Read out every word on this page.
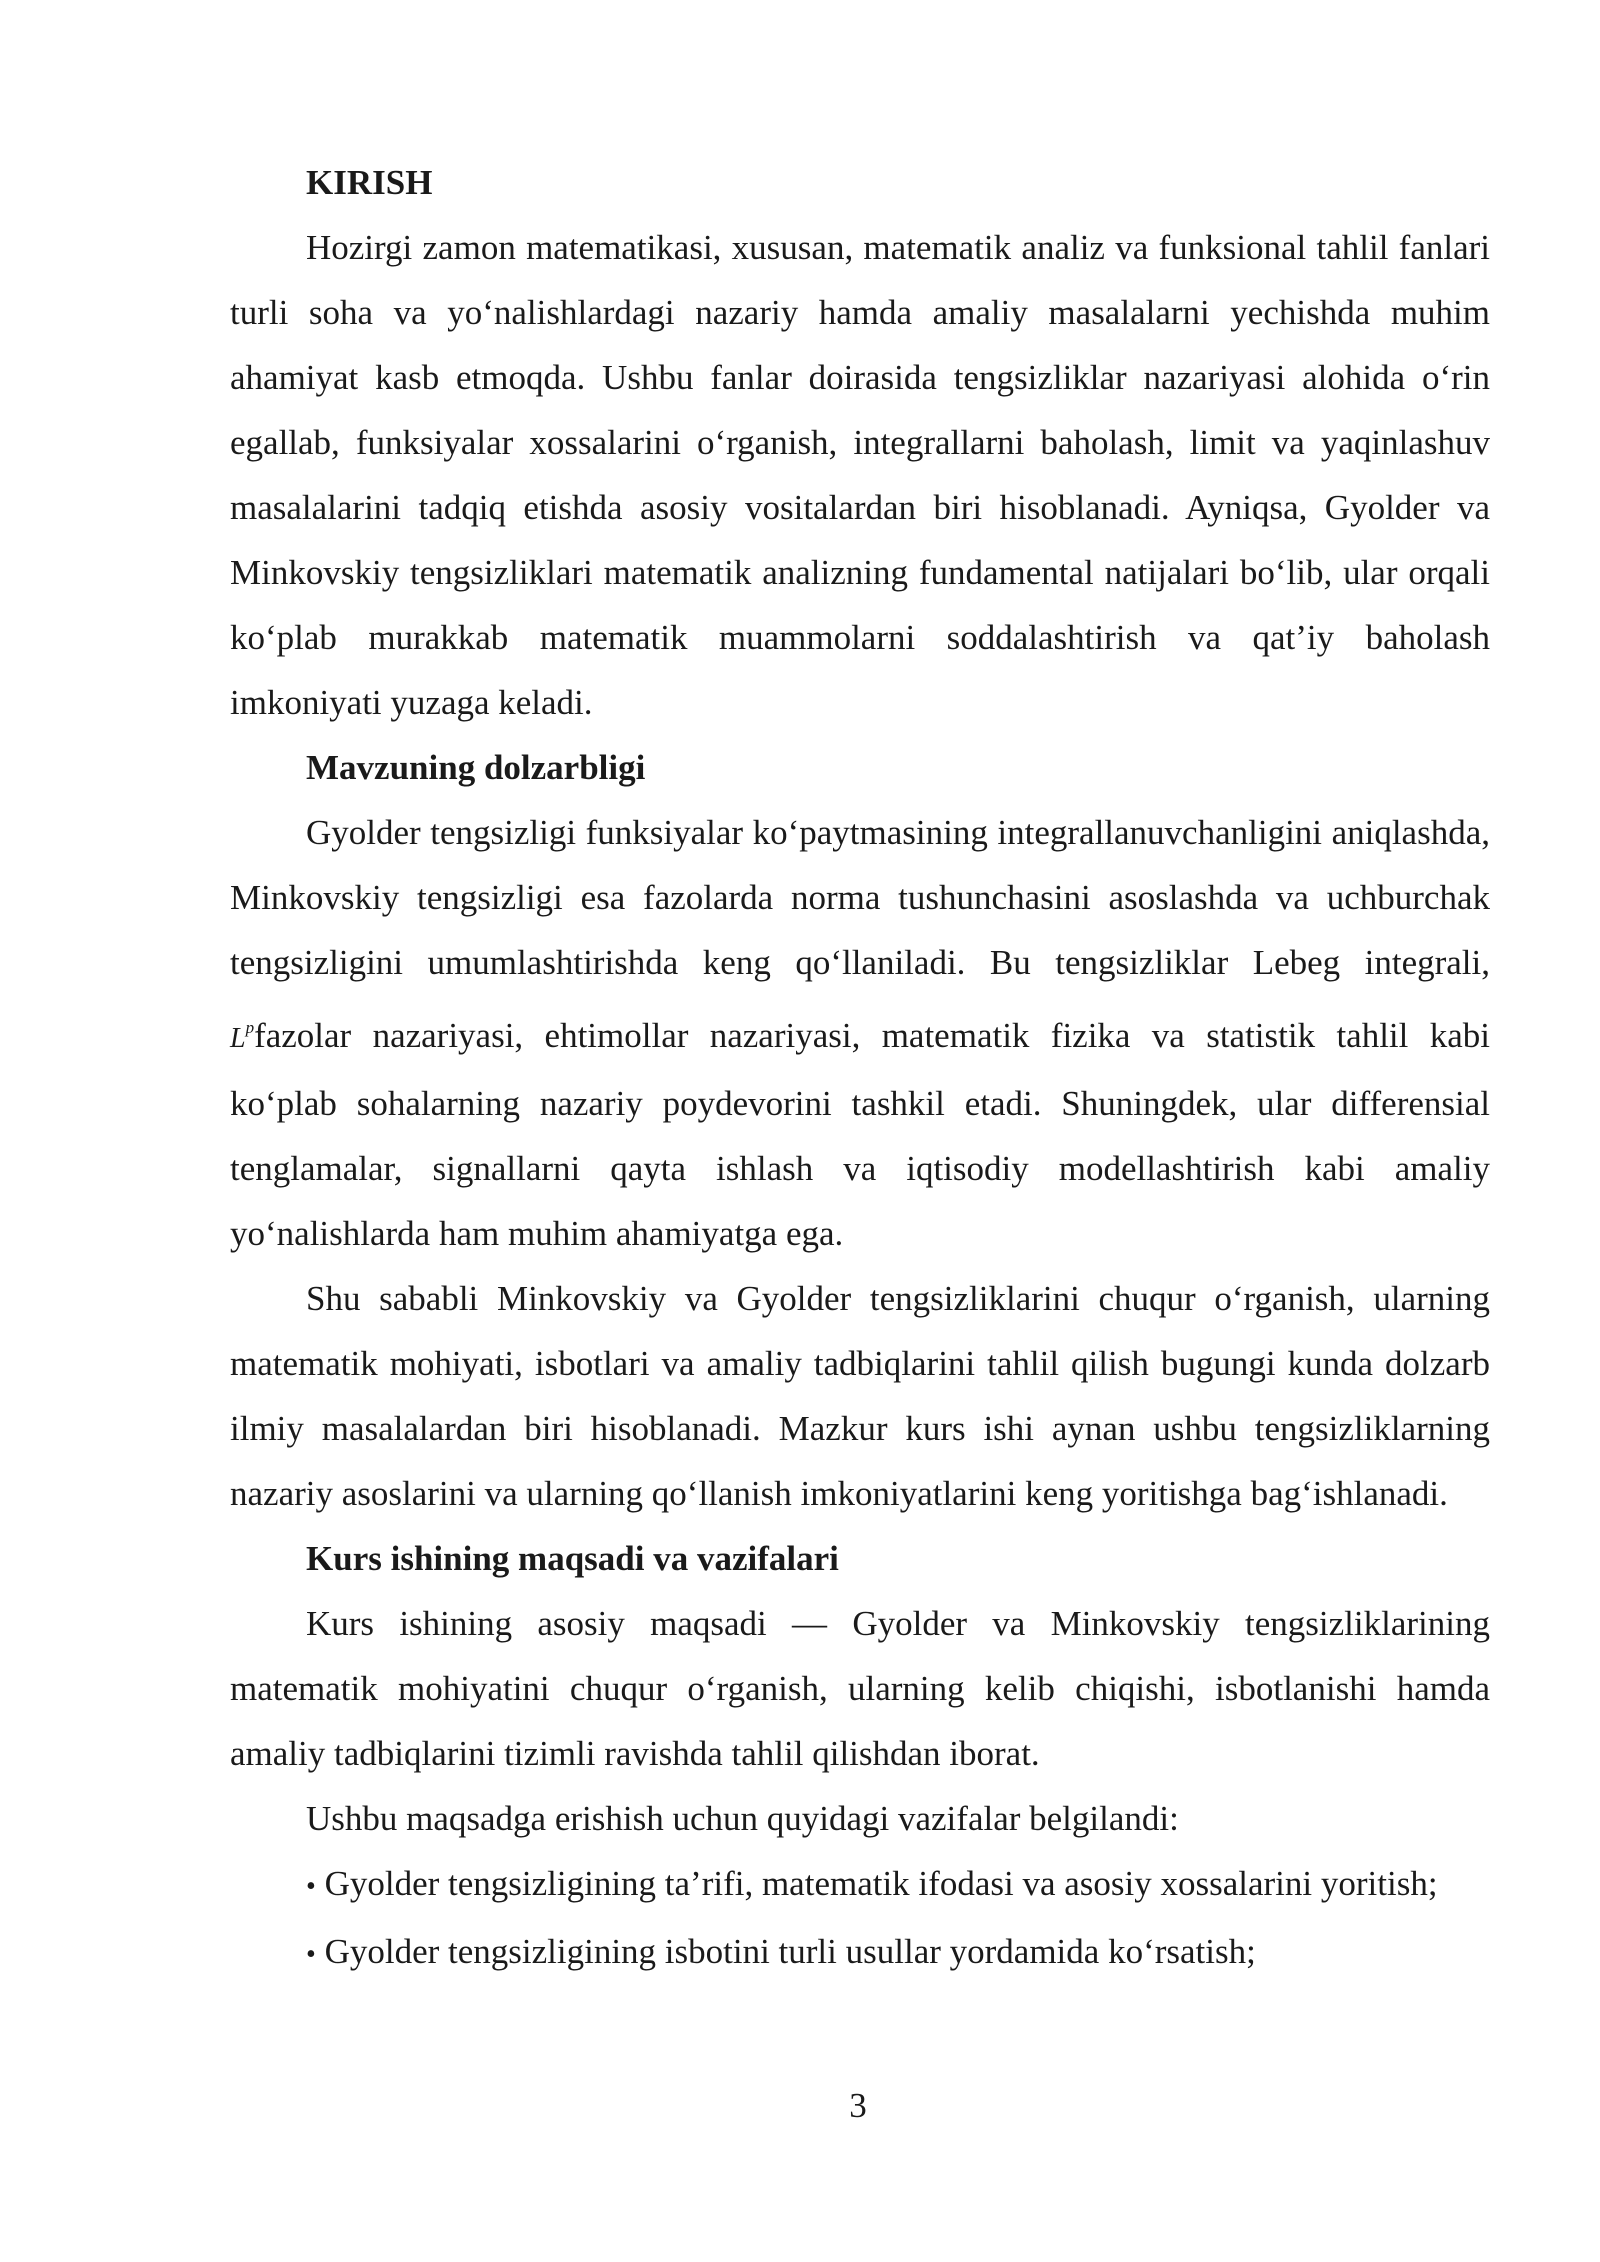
KIRISH

Hozirgi zamon matematikasi, xususan, matematik analiz va funksional tahlil fanlari turli soha va yo‘nalishlardagi nazariy hamda amaliy masalalarni yechishda muhim ahamiyat kasb etmoqda. Ushbu fanlar doirasida tengsizliklar nazariyasi alohida o‘rin egallab, funksiyalar xossalarini o‘rganish, integrallarni baholash, limit va yaqinlashuv masalalarini tadqiq etishda asosiy vositalardan biri hisoblanadi. Ayniqsa, Gyolder va Minkovskiy tengsizliklari matematik analizning fundamental natijalari bo‘lib, ular orqali ko‘plab murakkab matematik muammolarni soddalashtirish va qat’iy baholash imkoniyati yuzaga keladi.

Mavzuning dolzarbligi

Gyolder tengsizligi funksiyalar ko‘paytmasining integrallanuvchanligini aniqlashda, Minkovskiy tengsizligi esa fazolarda norma tushunchasini asoslashda va uchburchak tengsizligini umumlashtirishda keng qo‘llaniladi. Bu tengsizliklar Lebeg integrali, $L^pfazolar$ nazariyasi, ehtimollar nazariyasi, matematik fizika va statistik tahlil kabi ko‘plab sohalarning nazariy poydevorini tashkil etadi. Shuningdek, ular differensial tenglamalar, signallarni qayta ishlash va iqtisodiy modellashtirish kabi amaliy yo‘nalishlarda ham muhim ahamiyatga ega.

Shu sababli Minkovskiy va Gyolder tengsizliklarini chuqur o‘rganish, ularning matematik mohiyati, isbotlari va amaliy tadbiqlarini tahlil qilish bugungi kunda dolzarb ilmiy masalalardan biri hisoblanadi. Mazkur kurs ishi aynan ushbu tengsizliklarning nazariy asoslarini va ularning qo‘llanish imkoniyatlarini keng yoritishga bag‘ishlanadi.

Kurs ishining maqsadi va vazifalari

Kurs ishining asosiy maqsadi — Gyolder va Minkovskiy tengsizliklarining matematik mohiyatini chuqur o‘rganish, ularning kelib chiqishi, isbotlanishi hamda amaliy tadbiqlarini tizimli ravishda tahlil qilishdan iborat.

Ushbu maqsadga erishish uchun quyidagi vazifalar belgilandi:

• Gyolder tengsizligining ta’rifi, matematik ifodasi va asosiy xossalarini yoritish;

• Gyolder tengsizligining isbotini turli usullar yordamida ko‘rsatish;

3
